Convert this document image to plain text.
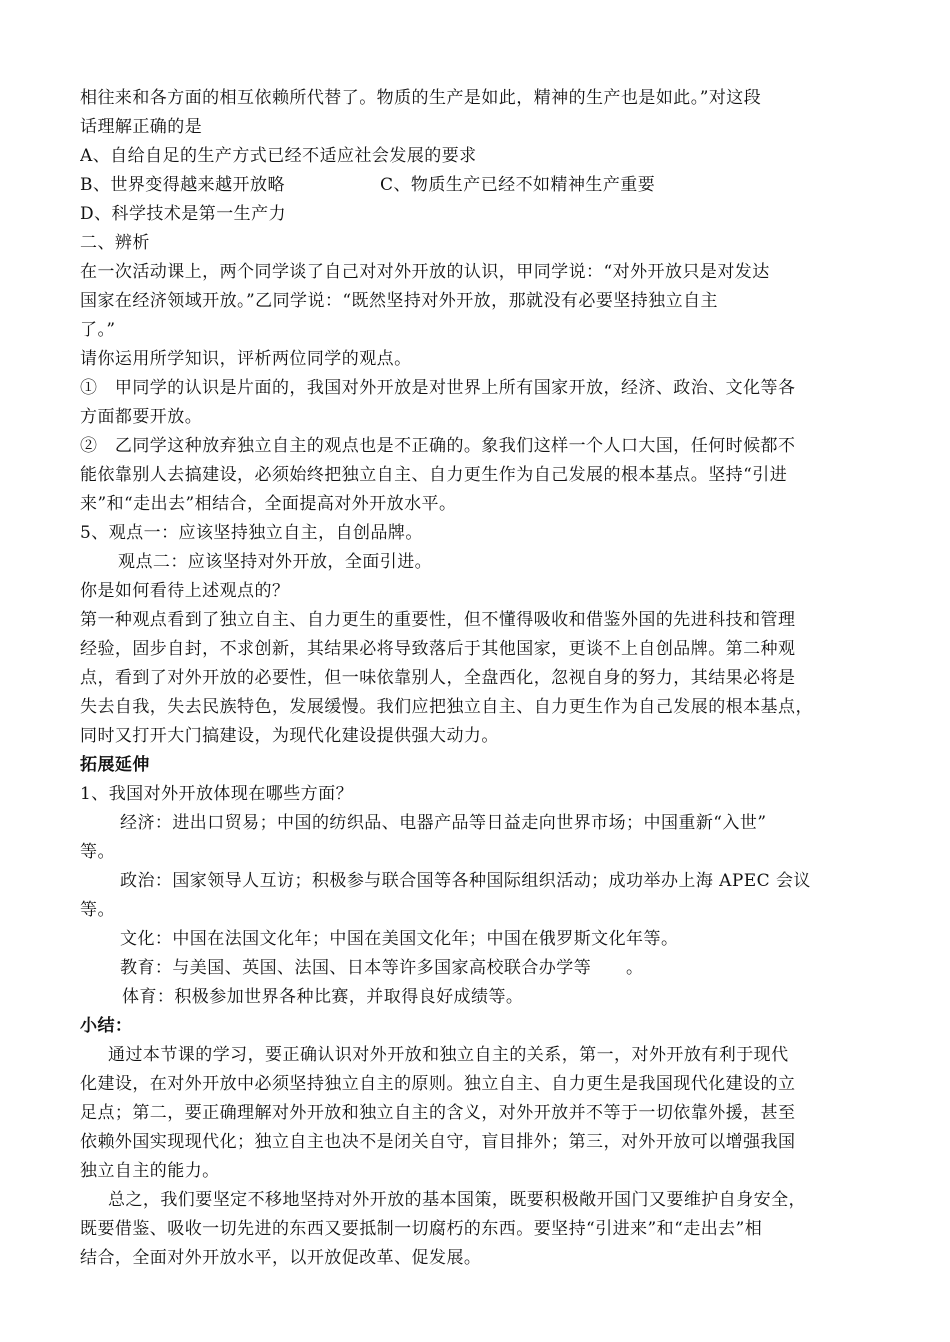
相往来和各方面的相互依赖所代替了。物质的生产是如此，精神的生产也是如此。”对这段
话理解正确的是
A、自给自足的生产方式已经不适应社会发展的要求
B、世界变得越来越开放略	C、物质生产已经不如精神生产重要
D、科学技术是第一生产力
二、辨析
在一次活动课上，两个同学谈了自己对对外开放的认识，甲同学说：“对外开放只是对发达
国家在经济领域开放。”乙同学说：“既然坚持对外开放，那就没有必要坚持独立自主
了。”
请你运用所学知识，评析两位同学的观点。
①　甲同学的认识是片面的，我国对外开放是对世界上所有国家开放，经济、政治、文化等各
方面都要开放。
②　乙同学这种放弃独立自主的观点也是不正确的。象我们这样一个人口大国，任何时候都不
能依靠别人去搞建设，必须始终把独立自主、自力更生作为自己发展的根本基点。坚持“引进
来”和“走出去”相结合，全面提高对外开放水平。
5、观点一：应该坚持独立自主，自创品牌。
观点二：应该坚持对外开放，全面引进。
你是如何看待上述观点的？
第一种观点看到了独立自主、自力更生的重要性，但不懂得吸收和借鉴外国的先进科技和管理
经验，固步自封，不求创新，其结果必将导致落后于其他国家，更谈不上自创品牌。第二种观
点，看到了对外开放的必要性，但一味依靠别人，全盘西化，忽视自身的努力，其结果必将是
失去自我，失去民族特色，发展缓慢。我们应把独立自主、自力更生作为自己发展的根本基点，
同时又打开大门搞建设，为现代化建设提供强大动力。
拓展延伸
1、我国对外开放体现在哪些方面？
经济：进出口贸易；中国的纺织品、电器产品等日益走向世界市场；中国重新“入世”
等。
政治：国家领导人互访；积极参与联合国等各种国际组织活动；成功举办上海 APEC 会议
等。
文化：中国在法国文化年；中国在美国文化年；中国在俄罗斯文化年等。
教育：与美国、英国、法国、日本等许多国家高校联合办学等　　。
体育：积极参加世界各种比赛，并取得良好成绩等。
小结：
通过本节课的学习，要正确认识对外开放和独立自主的关系，第一，对外开放有利于现代
化建设，在对外开放中必须坚持独立自主的原则。独立自主、自力更生是我国现代化建设的立
足点；第二，要正确理解对外开放和独立自主的含义，对外开放并不等于一切依靠外援，甚至
依赖外国实现现代化；独立自主也决不是闭关自守，盲目排外；第三，对外开放可以增强我国
独立自主的能力。
总之，我们要坚定不移地坚持对外开放的基本国策，既要积极敞开国门又要维护自身安全，
既要借鉴、吸收一切先进的东西又要抵制一切腐朽的东西。要坚持“引进来”和“走出去”相
结合，全面对外开放水平，以开放促改革、促发展。
